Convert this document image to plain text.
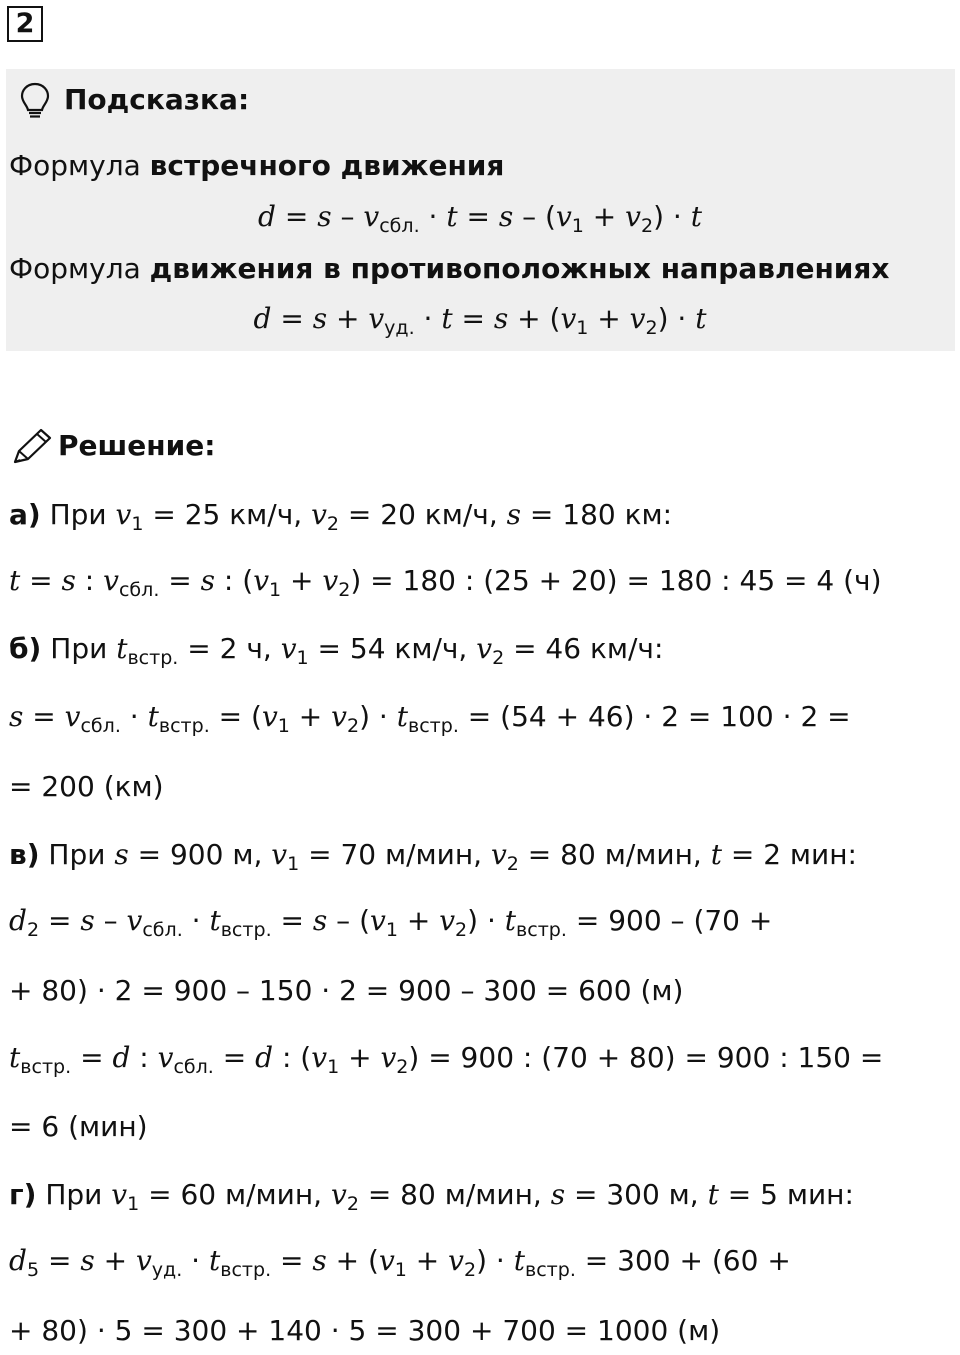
2
Подсказка:
Формула встречного движения
$d = s - v_{сбл.} \cdot t = s - (v_1 + v_2) \cdot t$
Формула движения в противоположных направлениях
$d = s + v_{уд.} \cdot t = s + (v_1 + v_2) \cdot t$
Решение:
а) При $v_1 = 25$ км/ч, $v_2 = 20$ км/ч, s = 180 км:
t = s : $v_{сбл.} = s$ : $(v_1 + v_2) = 180$ : (25 + 20) = 180 : 45 = 4 (ч)
б) При $t_{встр.} = 2$ ч, $v_1 = 54$ км/ч, $v_2 = 46$ км/ч:
$s = v_{сбл.} \cdot t_{встр.} = (v_1 + v_2) \cdot t_{встр.} = (54 + 46) \cdot 2 = 100 \cdot 2$ =
= 200 (км)
в) При s = 900 м, $v_1 = 70$ м/мин, $v_2 = 80$ м/мин, t = 2 мин:
$d_2 = s - v_{сбл.} \cdot t_{встр.} = s - (v_1 + v_2) \cdot t_{встр.} = 900 - (70$ +
+ 80) · 2 = 900 – 150 · 2 = 900 – 300 = 600 (м)
$t_{встр.} = d$ : $v_{сбл.} = d$ : $(v_1 + v_2) = 900$ : (70 + 80) = 900 : 150 =
= 6 (мин)
г) При $v_1 = 60$ м/мин, $v_2 = 80$ м/мин, s = 300 м, t = 5 мин:
$d_5 = s + v_{уд.} \cdot t_{встр.} = s + (v_1 + v_2) \cdot t_{встр.} = 300 + (60$ +
+ 80) · 5 = 300 + 140 · 5 = 300 + 700 = 1000 (м)
